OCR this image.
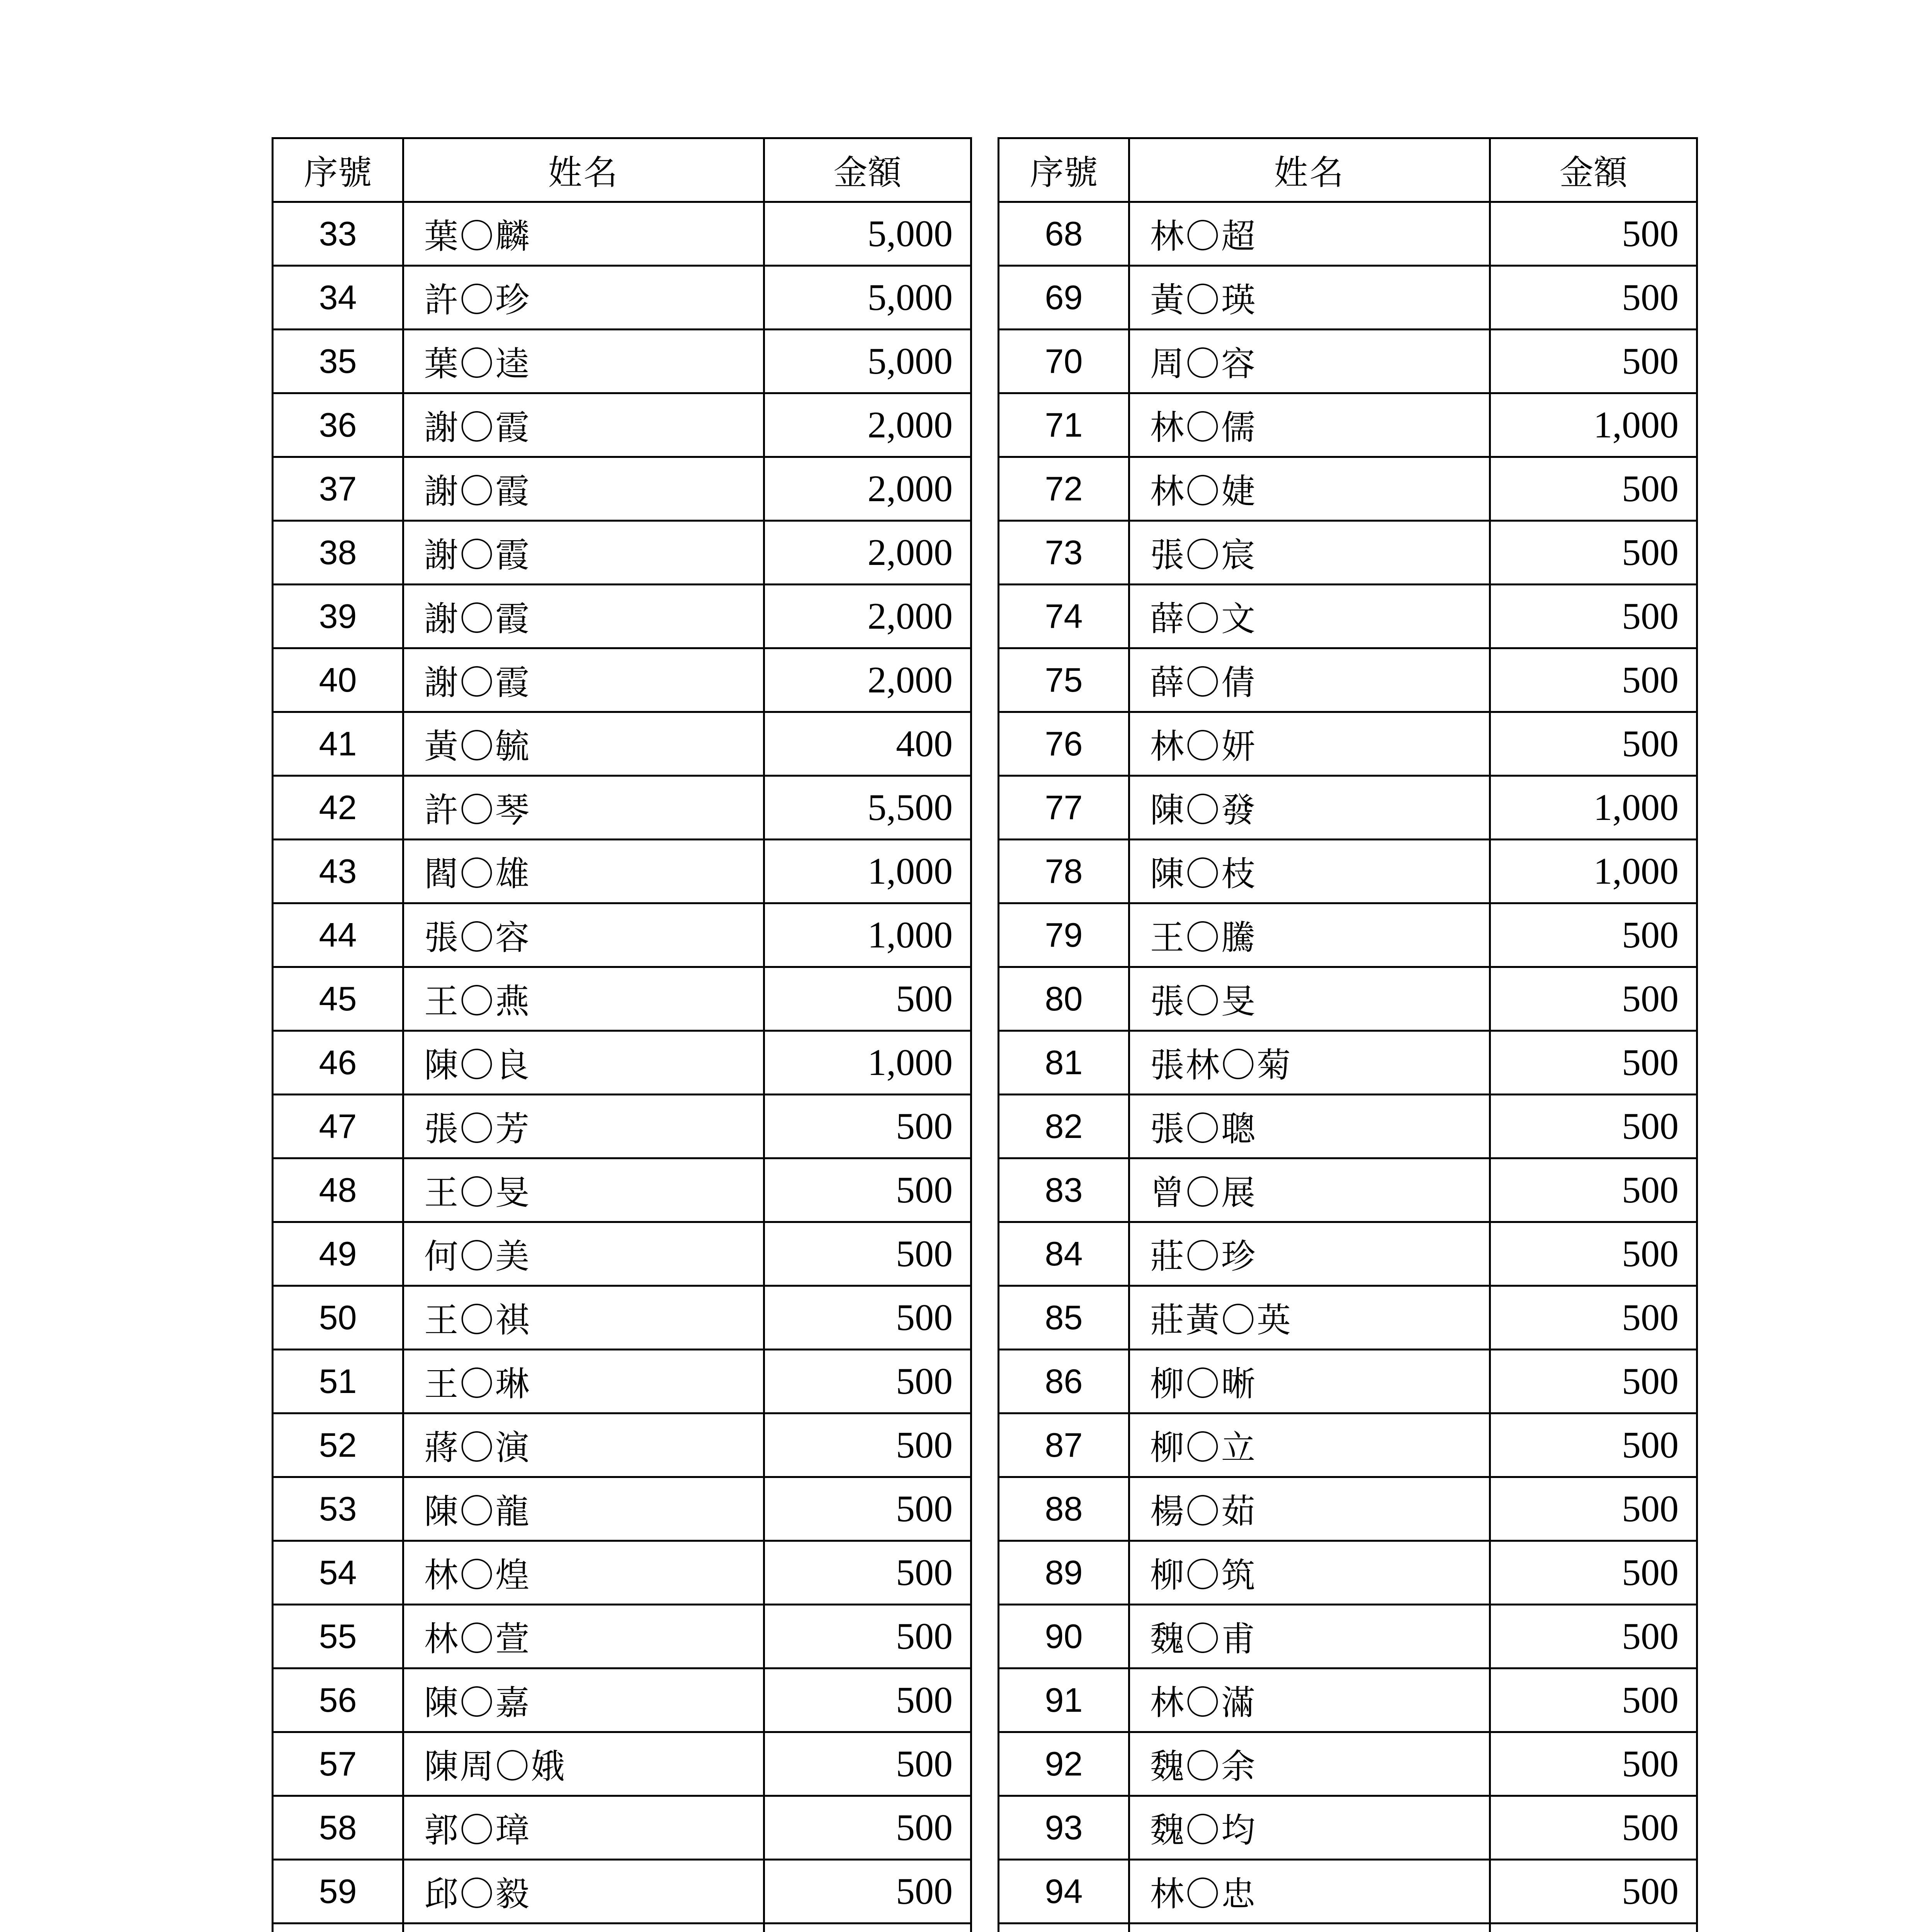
序號	姓名	金額
33	葉〇麟	5,000
34	許〇珍	5,000
35	葉〇逵	5,000
36	謝〇霞	2,000
37	謝〇霞	2,000
38	謝〇霞	2,000
39	謝〇霞	2,000
40	謝〇霞	2,000
41	黃〇毓	400
42	許〇琴	5,500
43	閻〇雄	1,000
44	張〇容	1,000
45	王〇燕	500
46	陳〇良	1,000
47	張〇芳	500
48	王〇旻	500
49	何〇美	500
50	王〇祺	500
51	王〇琳	500
52	蔣〇演	500
53	陳〇龍	500
54	林〇煌	500
55	林〇萱	500
56	陳〇嘉	500
57	陳周〇娥	500
58	郭〇璋	500
59	邱〇毅	500

序號	姓名	金額
68	林〇超	500
69	黃〇瑛	500
70	周〇容	500
71	林〇儒	1,000
72	林〇婕	500
73	張〇宸	500
74	薛〇文	500
75	薛〇倩	500
76	林〇妍	500
77	陳〇發	1,000
78	陳〇枝	1,000
79	王〇騰	500
80	張〇旻	500
81	張林〇菊	500
82	張〇聰	500
83	曾〇展	500
84	莊〇珍	500
85	莊黃〇英	500
86	柳〇晰	500
87	柳〇立	500
88	楊〇茹	500
89	柳〇筑	500
90	魏〇甫	500
91	林〇滿	500
92	魏〇余	500
93	魏〇均	500
94	林〇忠	500
